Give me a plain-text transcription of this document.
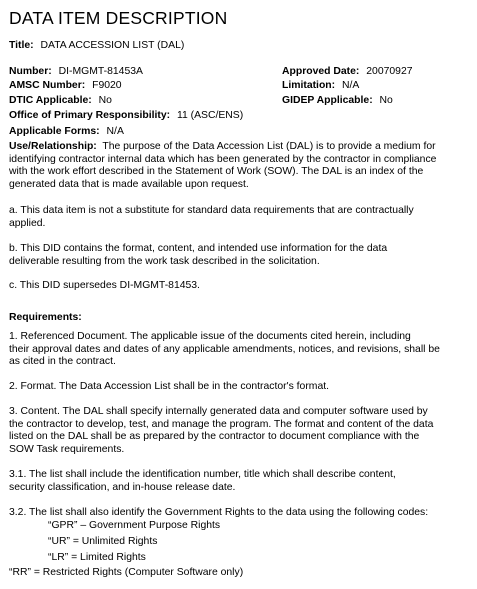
DATA ITEM DESCRIPTION
Title: DATA ACCESSION LIST (DAL)
Number: DI-MGMT-81453A	Approved Date: 20070927
AMSC Number: F9020	Limitation: N/A
DTIC Applicable: No	GIDEP Applicable: No
Office of Primary Responsibility: 11 (ASC/ENS)
Applicable Forms: N/A
Use/Relationship: The purpose of the Data Accession List (DAL) is to provide a medium for
identifying contractor internal data which has been generated by the contractor in compliance
with the work effort described in the Statement of Work (SOW). The DAL is an index of the
generated data that is made available upon request.
a. This data item is not a substitute for standard data requirements that are contractually
applied.
b. This DID contains the format, content, and intended use information for the data
deliverable resulting from the work task described in the solicitation.
c. This DID supersedes DI-MGMT-81453.
Requirements:
1. Referenced Document. The applicable issue of the documents cited herein, including
their approval dates and dates of any applicable amendments, notices, and revisions, shall be
as cited in the contract.
2. Format. The Data Accession List shall be in the contractor's format.
3. Content. The DAL shall specify internally generated data and computer software used by
the contractor to develop, test, and manage the program. The format and content of the data
listed on the DAL shall be as prepared by the contractor to document compliance with the
SOW Task requirements.
3.1. The list shall include the identification number, title which shall describe content,
security classification, and in-house release date.
3.2. The list shall also identify the Government Rights to the data using the following codes:
“GPR” – Government Purpose Rights
“UR” = Unlimited Rights
“LR” = Limited Rights
“RR” = Restricted Rights (Computer Software only)
